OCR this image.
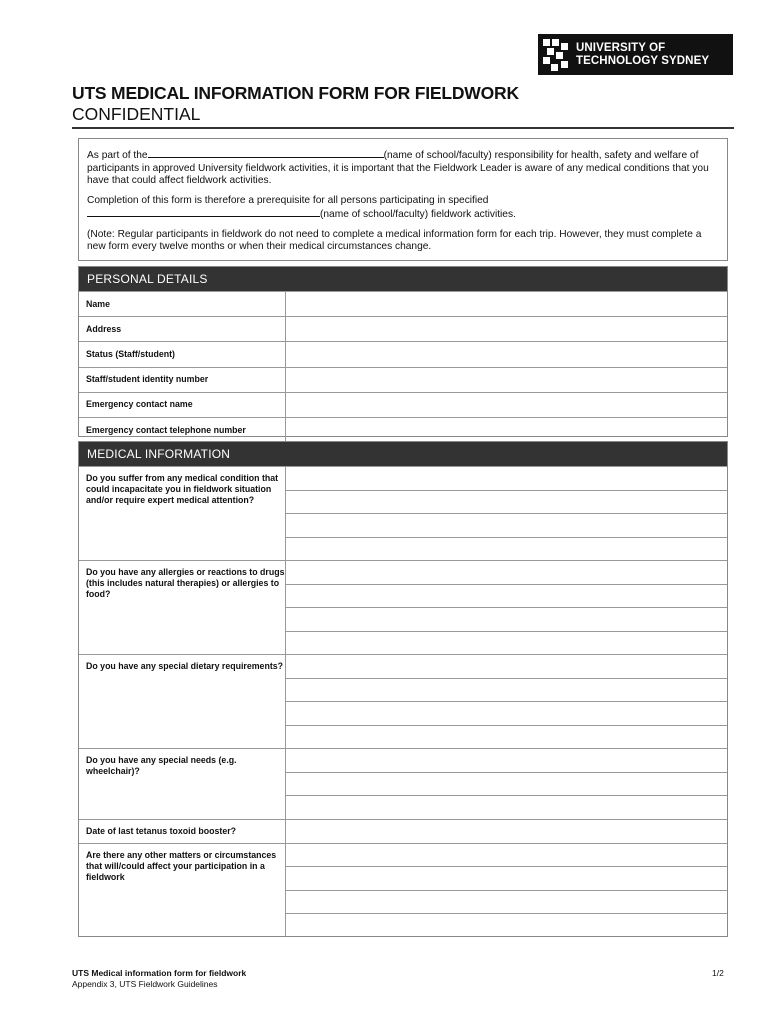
UNIVERSITY OF
TECHNOLOGY SYDNEY
UTS MEDICAL INFORMATION FORM FOR FIELDWORK
CONFIDENTIAL

As part of the	(name of school/faculty) responsibility for health, safety and welfare of participants in approved University fieldwork activities, it is important that the Fieldwork Leader is aware of any medical conditions that you have that could affect fieldwork activities.

Completion of this form is therefore a prerequisite for all persons participating in specified
(name of school/faculty) fieldwork activities.

(Note: Regular participants in fieldwork do not need to complete a medical information form for each trip. However, they must complete a new form every twelve months or when their medical circumstances change.

PERSONAL DETAILS
Name
Address
Status (Staff/student)
Staff/student identity number
Emergency contact name
Emergency contact telephone number
MEDICAL INFORMATION
Do you suffer from any medical condition that could incapacitate you in fieldwork situation and/or require expert medical attention?
Do you have any allergies or reactions to drugs (this includes natural therapies) or allergies to food?
Do you have any special dietary requirements?
Do you have any special needs (e.g. wheelchair)?
Date of last tetanus toxoid booster?
Are there any other matters or circumstances that will/could affect your participation in a fieldwork
UTS Medical information form for fieldwork
Appendix 3, UTS Fieldwork Guidelines
1/2
